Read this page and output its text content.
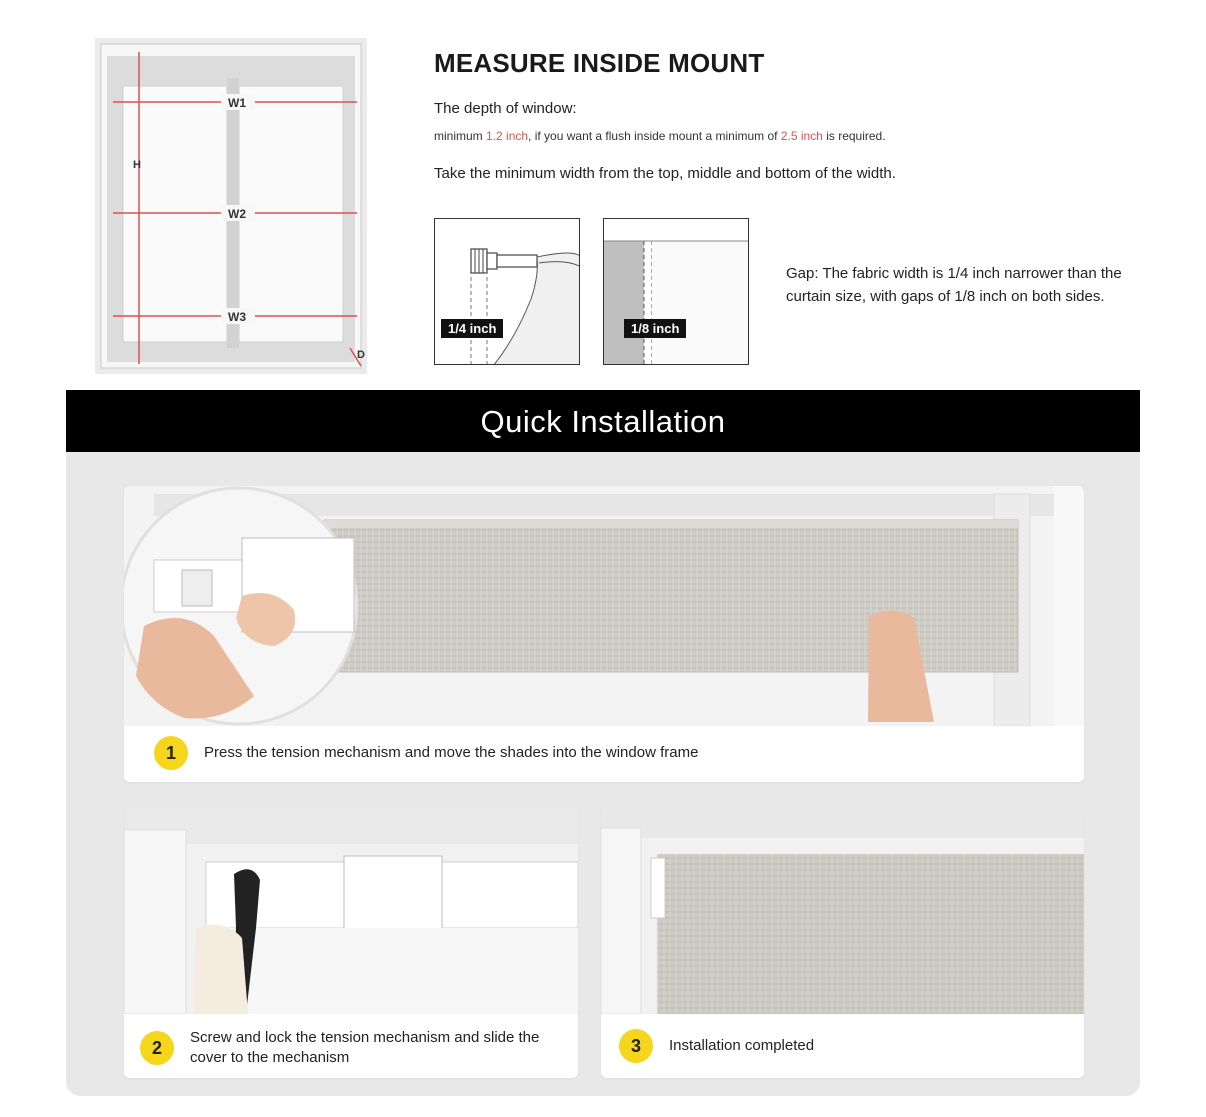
W1
W2
W3
H
D
MEASURE INSIDE MOUNT
The depth of window:
minimum 1.2 inch, if you want a flush inside mount a minimum of 2.5 inch is required.
Take the minimum width from the top, middle and bottom of the width.
1/4 inch	1/8 inch
Gap: The fabric width is 1/4 inch narrower than the curtain size, with gaps of 1/8 inch on both sides.
Quick Installation
1	Press the tension mechanism and move the shades into the window frame
2	Screw and lock the tension mechanism and slide the cover to the mechanism
3	Installation completed
